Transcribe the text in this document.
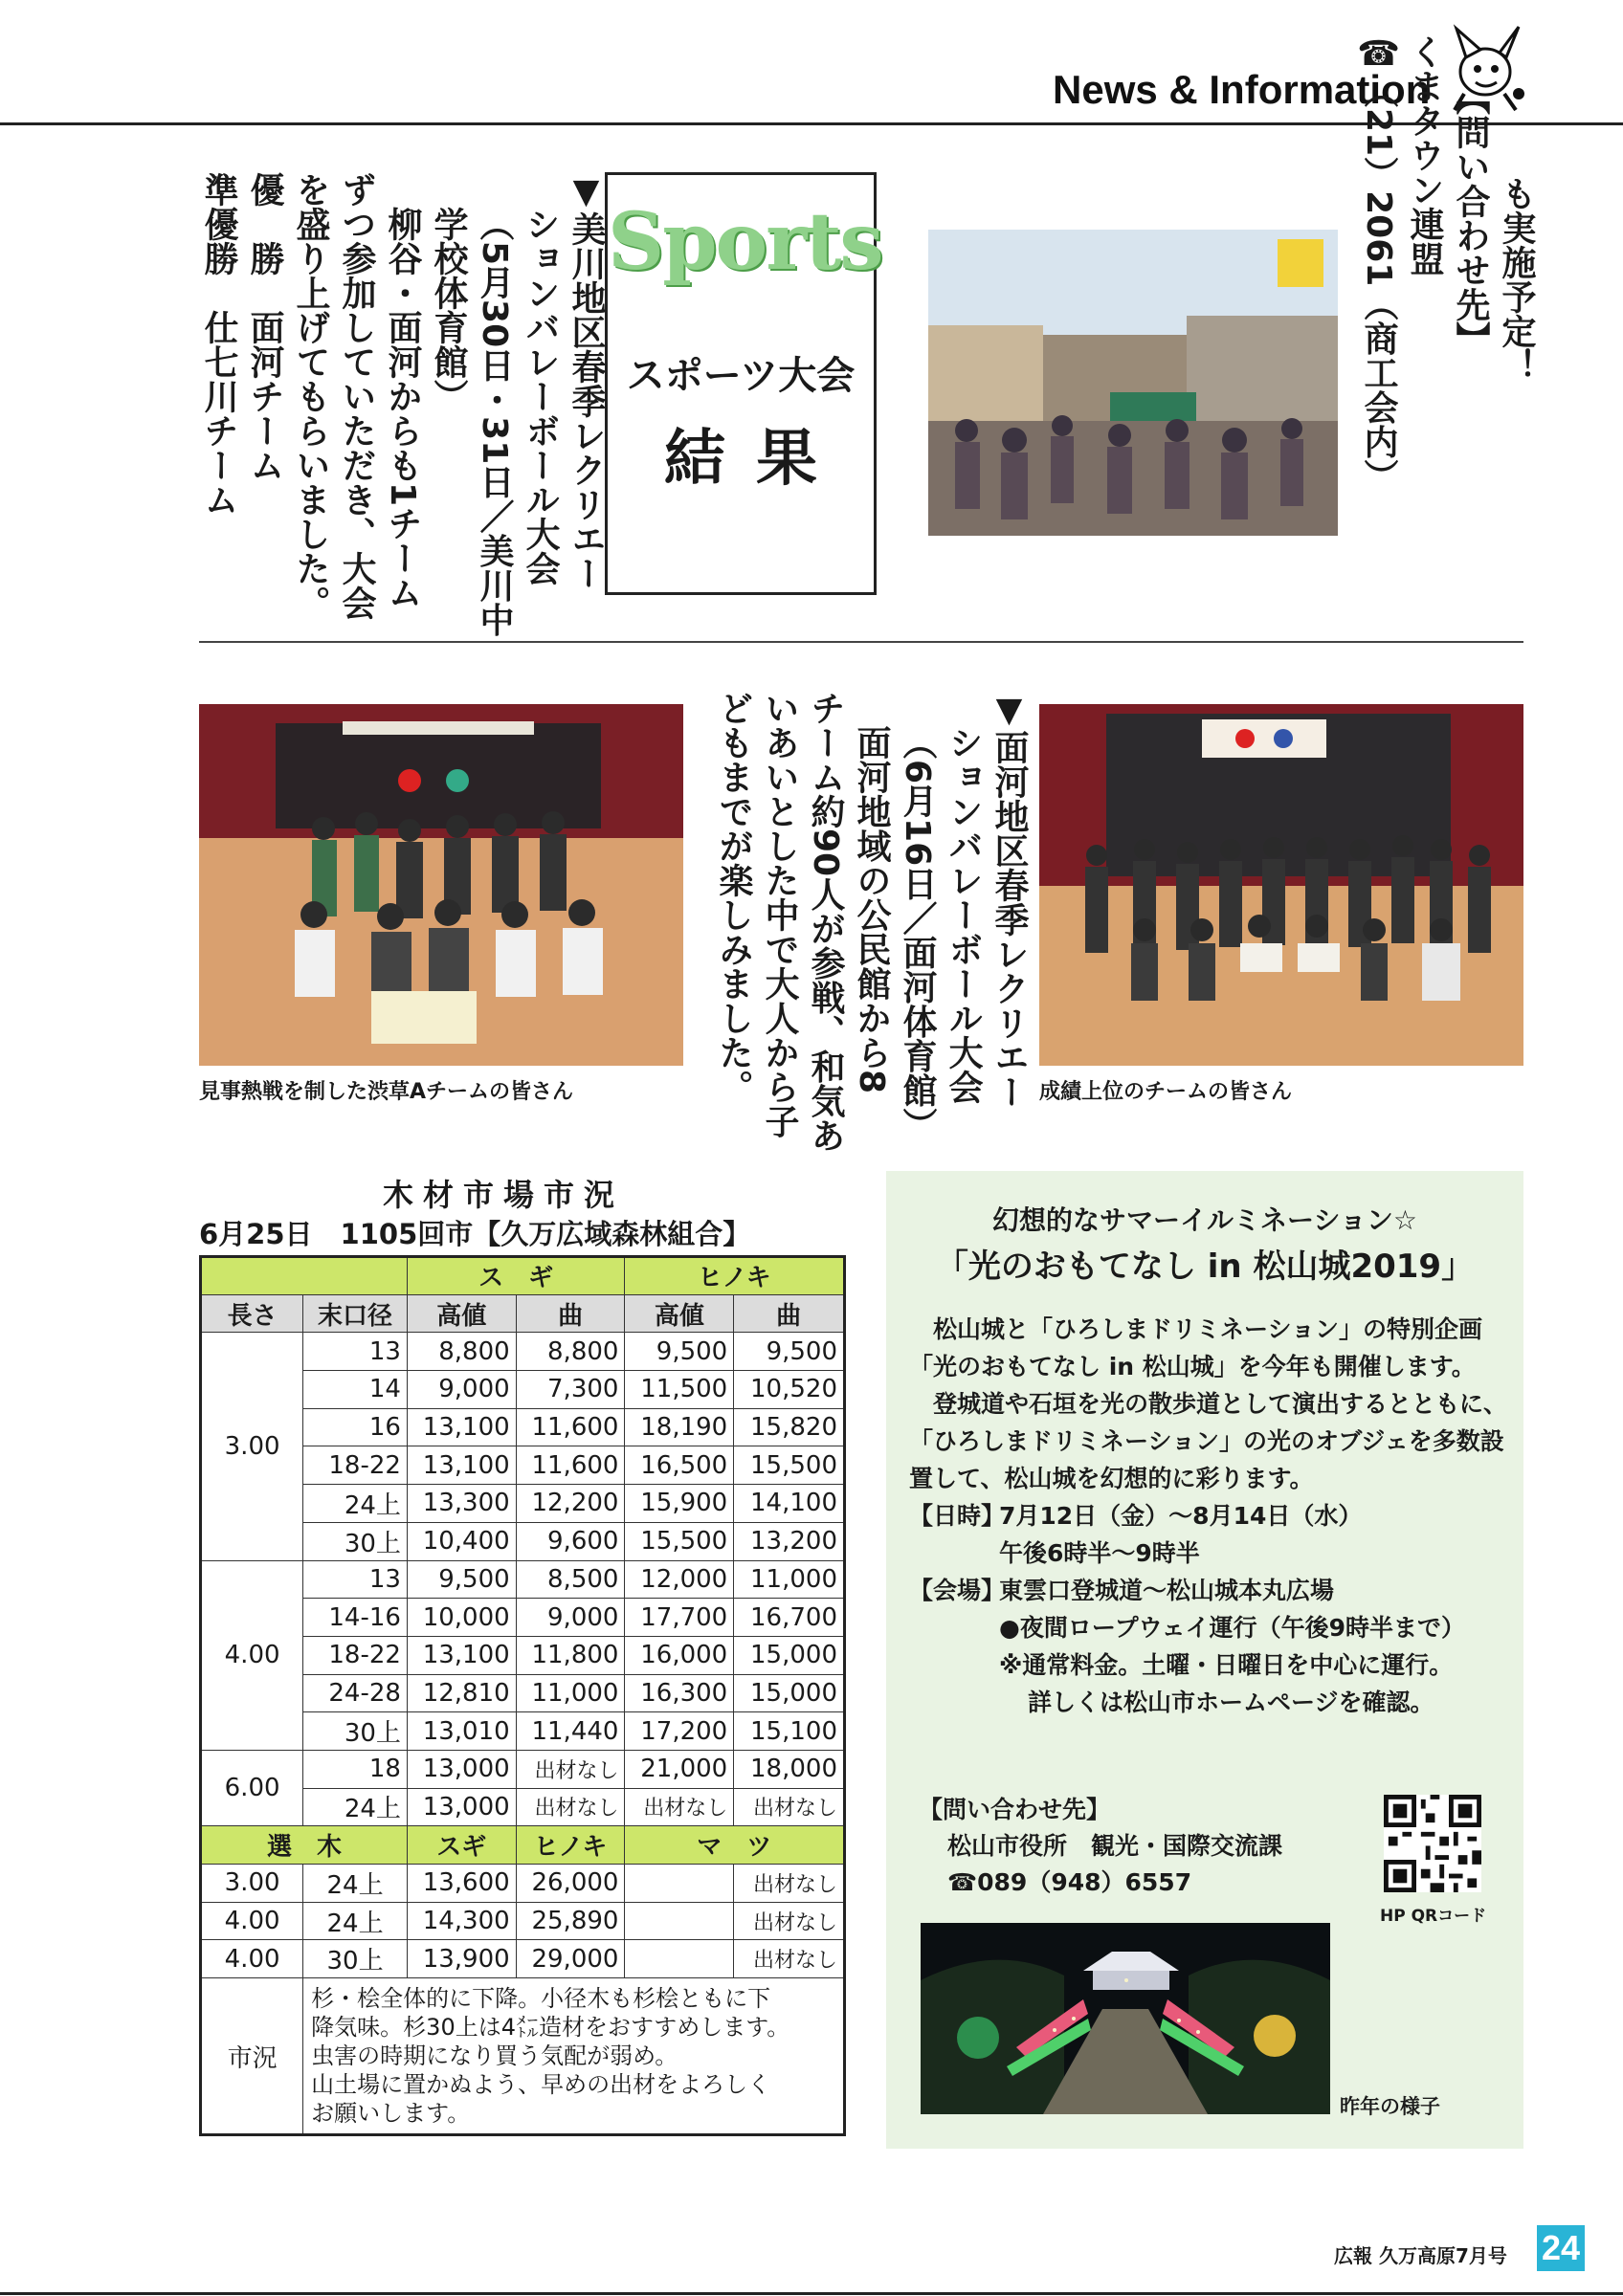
News & Information
も実施予定！
【問い合わせ先】
くまタウン連盟
☎（21）2061（商工会内）
Sports
スポーツ大会
結果
▼美川地区春季レクリエー
ションバレーボール大会
（5月30日・31日／美川中
学校体育館）
柳谷・面河からも1チーム
ずつ参加していただき、大会
を盛り上げてもらいました。
優　勝　面河チーム
準優勝　仕七川チーム
見事熱戦を制した渋草Aチームの皆さん	▼面河地区春季レクリエー
ションバレーボール大会
（6月16日／面河体育館）
面河地域の公民館から8
チーム約90人が参戦、和気あ
いあいとした中で大人から子
どもまでが楽しみました。	成績上位のチームの皆さん
木材市場市況
6月25日　1105回市【久万広域森林組合】
		ス　ギ		ヒノキ	
長さ	末口径	高値	曲	高値	曲
3.00	13	8,800	8,800	9,500	9,500
	14	9,000	7,300	11,500	10,520
	16	13,100	11,600	18,190	15,820
	18-22	13,100	11,600	16,500	15,500
	24上	13,300	12,200	15,900	14,100
	30上	10,400	9,600	15,500	13,200
4.00	13	9,500	8,500	12,000	11,000
	14-16	10,000	9,000	17,700	16,700
	18-22	13,100	11,800	16,000	15,000
	24-28	12,810	11,000	16,300	15,000
	30上	13,010	11,440	17,200	15,100
6.00	18	13,000	出材なし	21,000	18,000
	24上	13,000	出材なし	出材なし	出材なし
選　木		スギ	ヒノキ	マ　ツ	
3.00	24上	13,600	26,000		出材なし
4.00	24上	14,300	25,890		出材なし
4.00	30上	13,900	29,000		出材なし
市況	杉・桧全体的に下降。小径木も杉桧ともに下
降気味。杉30上は4㍍造材をおすすめします。
虫害の時期になり買う気配が弱め。
山土場に置かぬよう、早めの出材をよろしく
お願いします。				
幻想的なサマーイルミネーション☆
「光のおもてなし in 松山城2019」

松山城と「ひろしまドリミネーション」の特別企画「光のおもてなし in 松山城」を今年も開催します。

登城道や石垣を光の散歩道として演出するとともに、「ひろしまドリミネーション」の光のオブジェを多数設置して、松山城を幻想的に彩ります。

【日時】
7月12日（金）～8月14日（水）
午後6時半～9時半
【会場】
東雲口登城道～松山城本丸広場
●夜間ロープウェイ運行（午後9時半まで）
※通常料金。土曜・日曜日を中心に運行。
詳しくは松山市ホームページを確認。
【問い合わせ先】
松山市役所　観光・国際交流課
☎089（948）6557
HP QRコード
昨年の様子
広報 久万高原7月号 24
